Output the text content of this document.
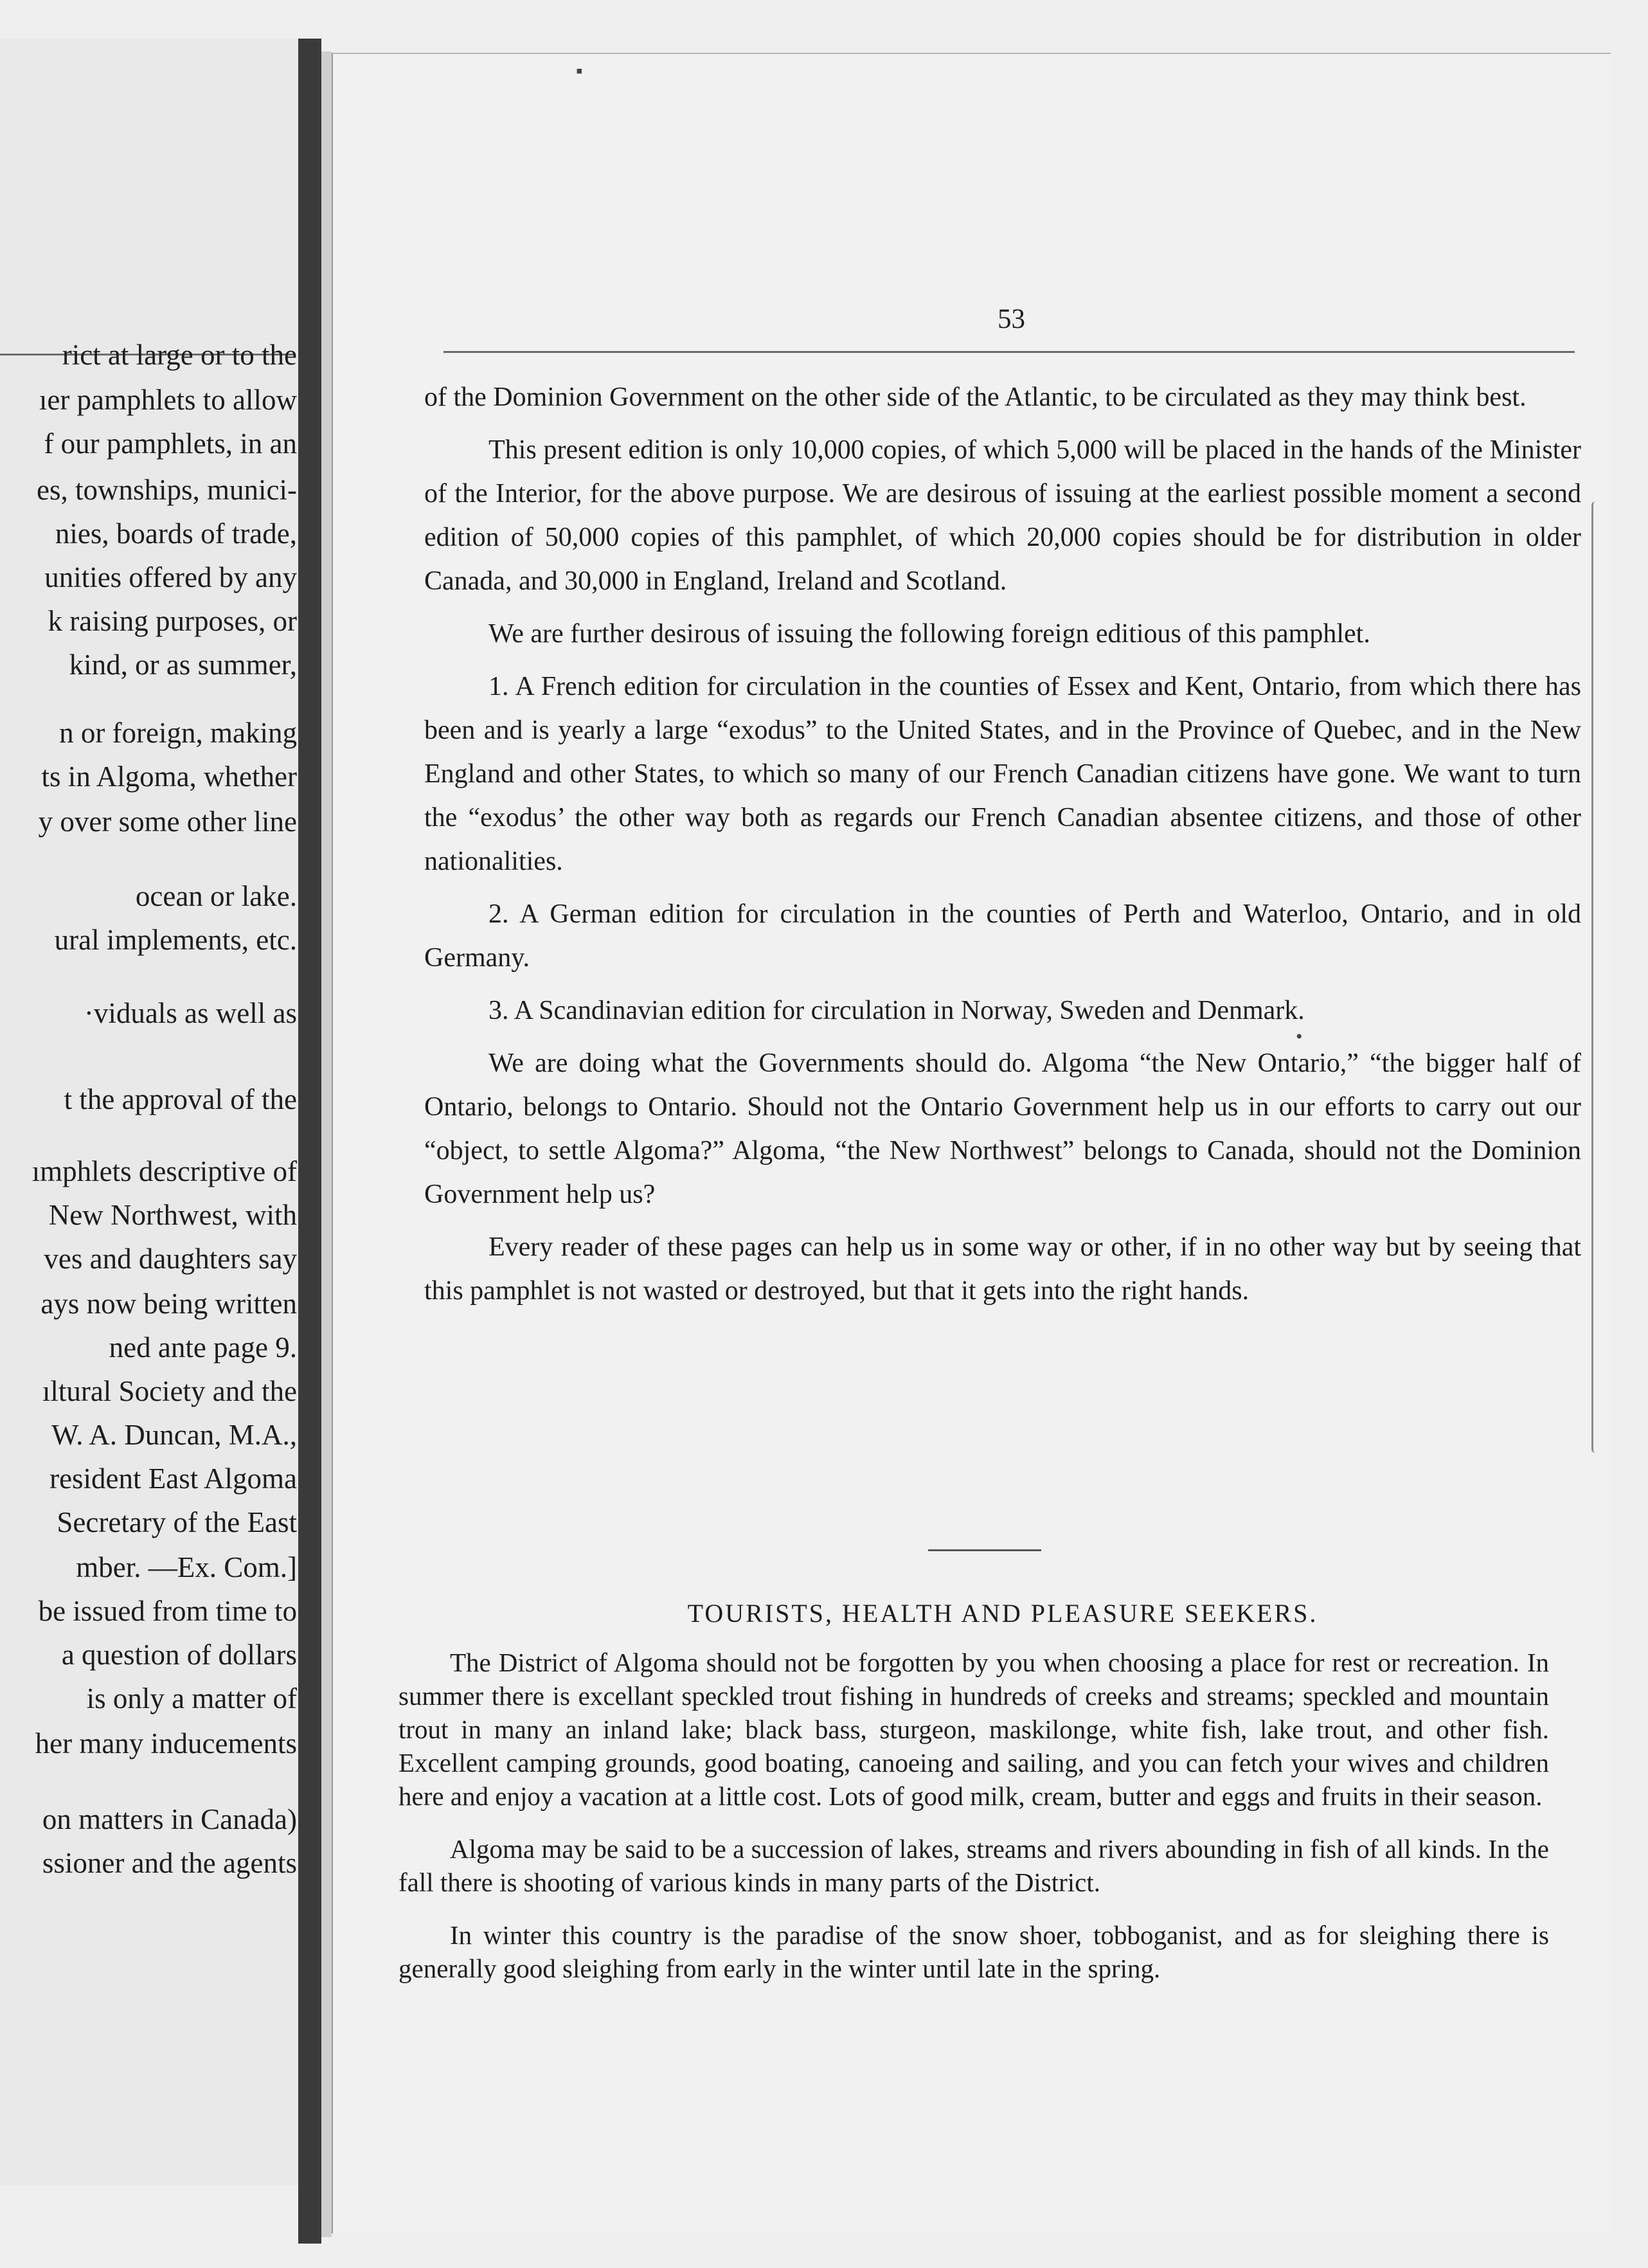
rict at large or to the
ıer pamphlets to allow
f our pamphlets, in an
es, townships, munici-
nies, boards of trade,
unities offered by any
k raising purposes, or
kind, or as summer,
n or foreign, making
ts in Algoma, whether
y over some other line
ocean or lake.
ural implements, etc.
·viduals as well as
t the approval of the
ımphlets descriptive of
New Northwest, with
ves and daughters say
ays now being written
ned ante page 9.
ıltural Society and the
W. A. Duncan, M.A.,
resident East Algoma
Secretary of the East
mber. —Ex. Com.]
be issued from time to
a question of dollars
is only a matter of
her many inducements
on matters in Canada)
ssioner and the agents
53

of the Dominion Government on the other side of the Atlantic, to be circulated as they may think best.

This present edition is only 10,000 copies, of which 5,000 will be placed in the hands of the Minister of the Interior, for the above purpose. We are desirous of issuing at the earliest possible moment a second edition of 50,000 copies of this pamphlet, of which 20,000 copies should be for distribution in older Canada, and 30,000 in England, Ireland and Scotland.

We are further desirous of issuing the following foreign editious of this pamphlet.

1. A French edition for circulation in the counties of Essex and Kent, Ontario, from which there has been and is yearly a large “exodus” to the United States, and in the Province of Quebec, and in the New England and other States, to which so many of our French Canadian citizens have gone. We want to turn the “exodus’ the other way both as regards our French Canadian absentee citizens, and those of other nationalities.

2. A German edition for circulation in the counties of Perth and Waterloo, Ontario, and in old Germany.

3. A Scandinavian edition for circulation in Norway, Sweden and Denmark.

We are doing what the Governments should do. Algoma “the New Ontario,” “the bigger half of Ontario, belongs to Ontario. Should not the Ontario Government help us in our efforts to carry out our “object, to settle Algoma?” Algoma, “the New Northwest” belongs to Canada, should not the Dominion Government help us?

Every reader of these pages can help us in some way or other, if in no other way but by seeing that this pamphlet is not wasted or destroyed, but that it gets into the right hands.

TOURISTS, HEALTH AND PLEASURE SEEKERS.

The District of Algoma should not be forgotten by you when choosing a place for rest or recreation. In summer there is excellant speckled trout fishing in hundreds of creeks and streams; speckled and mountain trout in many an inland lake; black bass, sturgeon, maskilonge, white fish, lake trout, and other fish. Excellent camping grounds, good boating, canoeing and sailing, and you can fetch your wives and children here and enjoy a vacation at a little cost. Lots of good milk, cream, butter and eggs and fruits in their season.

Algoma may be said to be a succession of lakes, streams and rivers abounding in fish of all kinds. In the fall there is shooting of various kinds in many parts of the District.

In winter this country is the paradise of the snow shoer, tobboganist, and as for sleighing there is generally good sleighing from early in the winter until late in the spring.

▪
•
